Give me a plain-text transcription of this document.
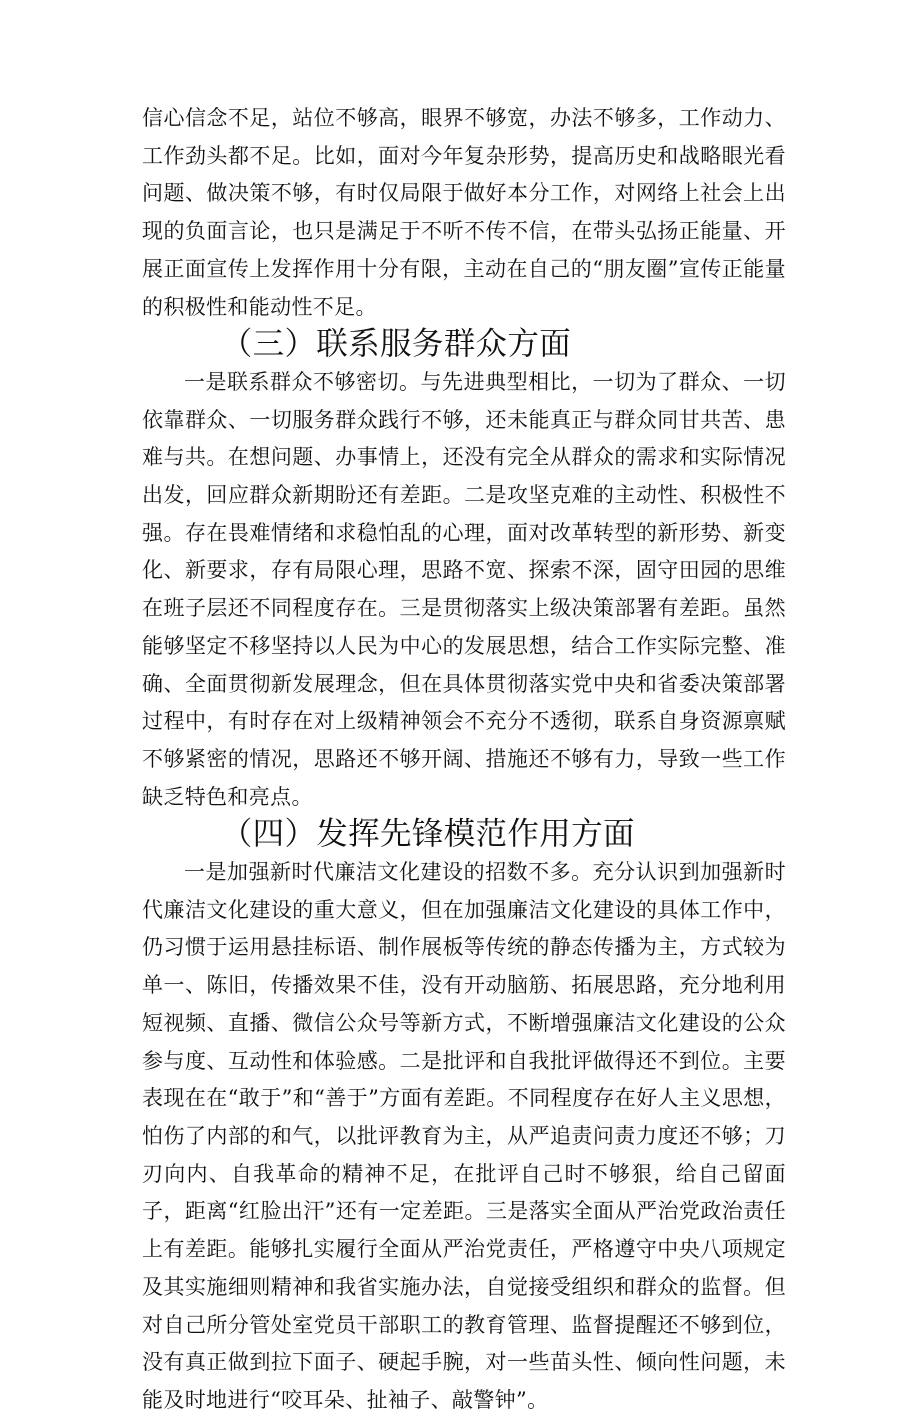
信心信念不足，站位不够高，眼界不够宽，办法不够多，工作动力、工作劲头都不足。比如，面对今年复杂形势，提高历史和战略眼光看问题、做决策不够，有时仅局限于做好本分工作，对网络上社会上出现的负面言论，也只是满足于不听不传不信，在带头弘扬正能量、开展正面宣传上发挥作用十分有限，主动在自己的“朋友圈”宣传正能量的积极性和能动性不足。

（三）联系服务群众方面

一是联系群众不够密切。与先进典型相比，一切为了群众、一切依靠群众、一切服务群众践行不够，还未能真正与群众同甘共苦、患难与共。在想问题、办事情上，还没有完全从群众的需求和实际情况出发，回应群众新期盼还有差距。二是攻坚克难的主动性、积极性不强。存在畏难情绪和求稳怕乱的心理，面对改革转型的新形势、新变化、新要求，存有局限心理，思路不宽、探索不深，固守田园的思维在班子层还不同程度存在。三是贯彻落实上级决策部署有差距。虽然能够坚定不移坚持以人民为中心的发展思想，结合工作实际完整、准确、全面贯彻新发展理念，但在具体贯彻落实党中央和省委决策部署过程中，有时存在对上级精神领会不充分不透彻，联系自身资源禀赋不够紧密的情况，思路还不够开阔、措施还不够有力，导致一些工作缺乏特色和亮点。

（四）发挥先锋模范作用方面

一是加强新时代廉洁文化建设的招数不多。充分认识到加强新时代廉洁文化建设的重大意义，但在加强廉洁文化建设的具体工作中，仍习惯于运用悬挂标语、制作展板等传统的静态传播为主，方式较为单一、陈旧，传播效果不佳，没有开动脑筋、拓展思路，充分地利用短视频、直播、微信公众号等新方式，不断增强廉洁文化建设的公众参与度、互动性和体验感。二是批评和自我批评做得还不到位。主要表现在在“敢于”和“善于”方面有差距。不同程度存在好人主义思想，怕伤了内部的和气，以批评教育为主，从严追责问责力度还不够；刀刃向内、自我革命的精神不足，在批评自己时不够狠，给自己留面子，距离“红脸出汗”还有一定差距。三是落实全面从严治党政治责任上有差距。能够扎实履行全面从严治党责任，严格遵守中央八项规定及其实施细则精神和我省实施办法，自觉接受组织和群众的监督。但对自己所分管处室党员干部职工的教育管理、监督提醒还不够到位，没有真正做到拉下面子、硬起手腕，对一些苗头性、倾向性问题，未能及时地进行“咬耳朵、扯袖子、敲警钟”。
